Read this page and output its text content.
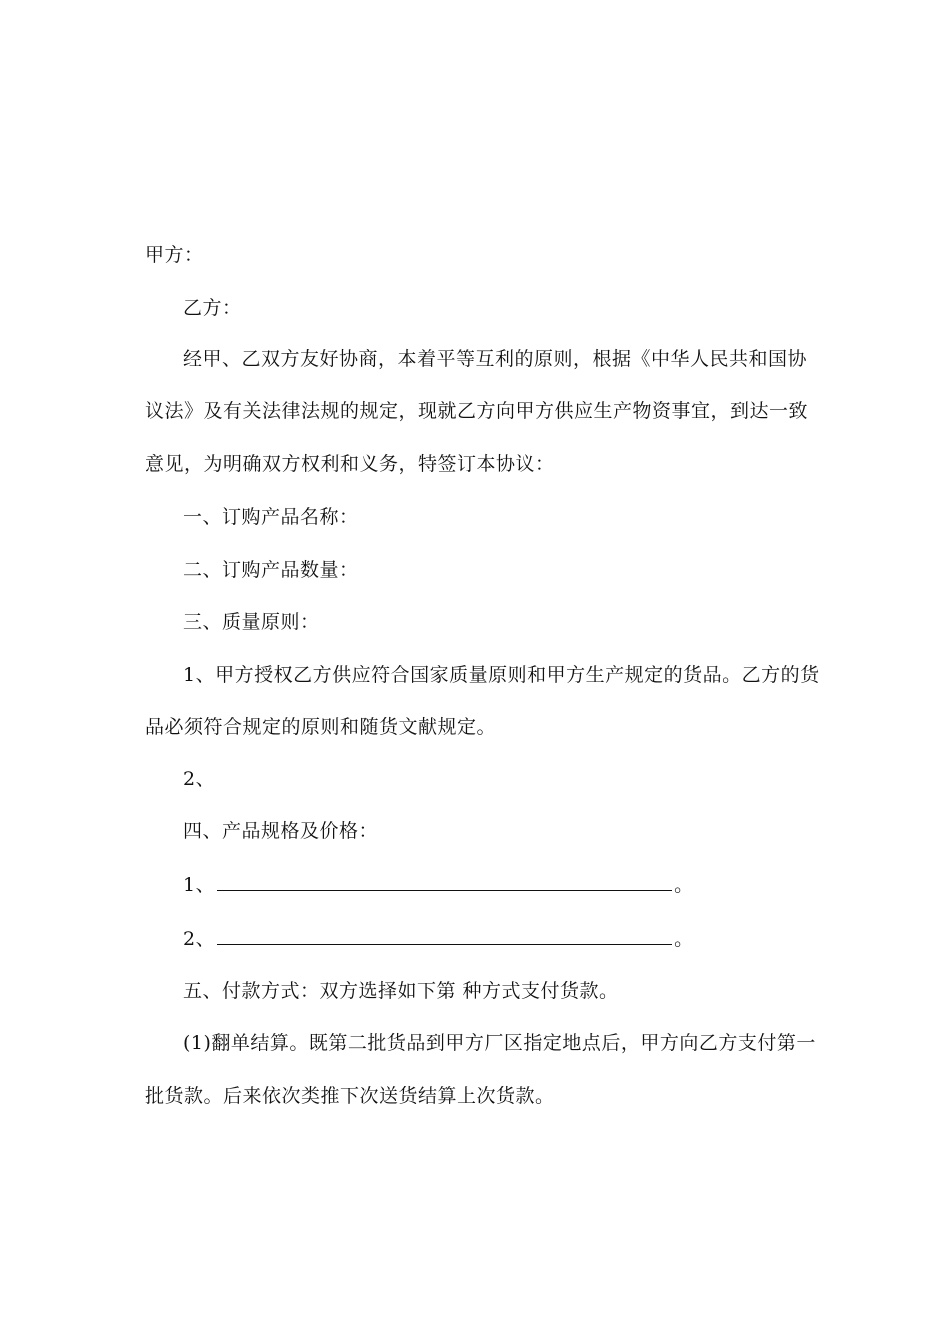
甲方：
乙方：
经甲、乙双方友好协商，本着平等互利的原则，根据《中华人民共和国协
议法》及有关法律法规的规定，现就乙方向甲方供应生产物资事宜，到达一致
意见，为明确双方权利和义务，特签订本协议：
一、订购产品名称：
二、订购产品数量：
三、质量原则：
1、甲方授权乙方供应符合国家质量原则和甲方生产规定的货品。乙方的货
品必须符合规定的原则和随货文献规定。
2、
四、产品规格及价格：
1、	。
2、	。
五、付款方式：双方选择如下第 种方式支付货款。
(1)翻单结算。既第二批货品到甲方厂区指定地点后，甲方向乙方支付第一
批货款。后来依次类推下次送货结算上次货款。
